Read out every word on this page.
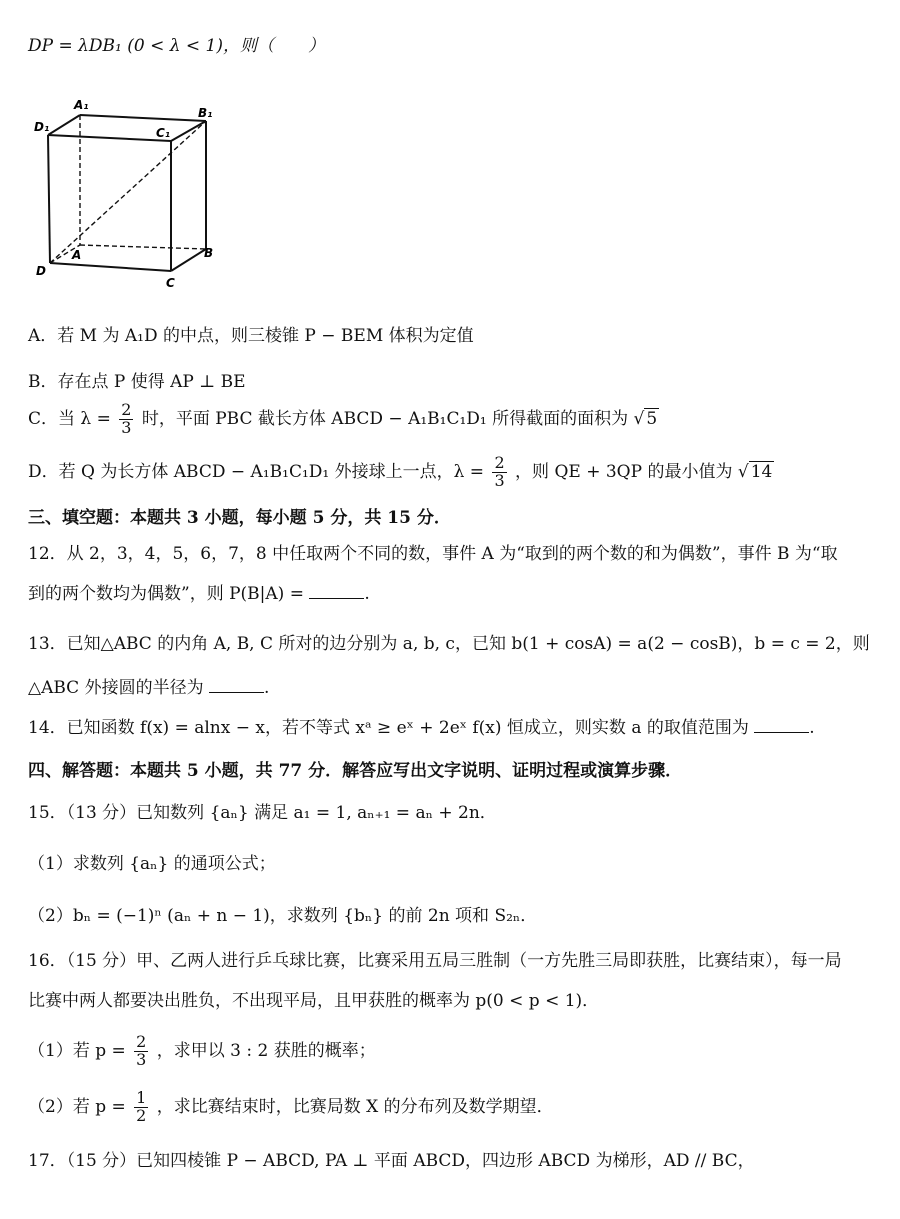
DP = λDB₁ (0 < λ < 1)，则（　　）
A₁
B₁
C₁
D₁
A	B
C
D
A．若 M 为 A₁D 的中点，则三棱锥 P − BEM 体积为定值
B．存在点 P 使得 AP ⊥ BE
C．当 $\lambda = \frac{2}{3}$ 时，平面 PBC 截长方体 ABCD − A₁B₁C₁D₁ 所得截面的面积为 √ 5
D．若 Q 为长方体 ABCD − A₁B₁C₁D₁ 外接球上一点，$\lambda = \frac{2}{3}$ ，则 QE + 3QP 的最小值为 √ 14
三、填空题：本题共 3 小题，每小题 5 分，共 15 分．
12．从 2，3，4，5，6，7，8 中任取两个不同的数，事件 A 为“取到的两个数的和为偶数”，事件 B 为“取
到的两个数均为偶数”，则 P(B|A) =	.
13．已知△ABC 的内角 A, B, C 所对的边分别为 a, b, c，已知 b(1 + cosA) = a(2 − cosB)，b = c = 2，则
△ABC 外接圆的半径为	.
14．已知函数 f(x) = alnx − x，若不等式 xᵃ ≥ eˣ + 2eˣ f(x) 恒成立，则实数 a 的取值范围为	.
四、解答题：本题共 5 小题，共 77 分．解答应写出文字说明、证明过程或演算步骤．
15．（13 分）已知数列 {aₙ} 满足 a₁ = 1, aₙ₊₁ = aₙ + 2n．
（1）求数列 {aₙ} 的通项公式；
（2）bₙ = (−1)ⁿ (aₙ + n − 1)，求数列 {bₙ} 的前 2n 项和 S₂ₙ．
16．（15 分）甲、乙两人进行乒乓球比赛，比赛采用五局三胜制（一方先胜三局即获胜，比赛结束），每一局
比赛中两人都要决出胜负，不出现平局，且甲获胜的概率为 p(0 < p < 1)．
（1）若 $p = \frac{2}{3}$ ，求甲以 3 : 2 获胜的概率；
（2）若 $p = \frac{1}{2}$ ，求比赛结束时，比赛局数 X 的分布列及数学期望．
17．（15 分）已知四棱锥 P − ABCD, PA ⊥ 平面 ABCD，四边形 ABCD 为梯形，AD // BC，
